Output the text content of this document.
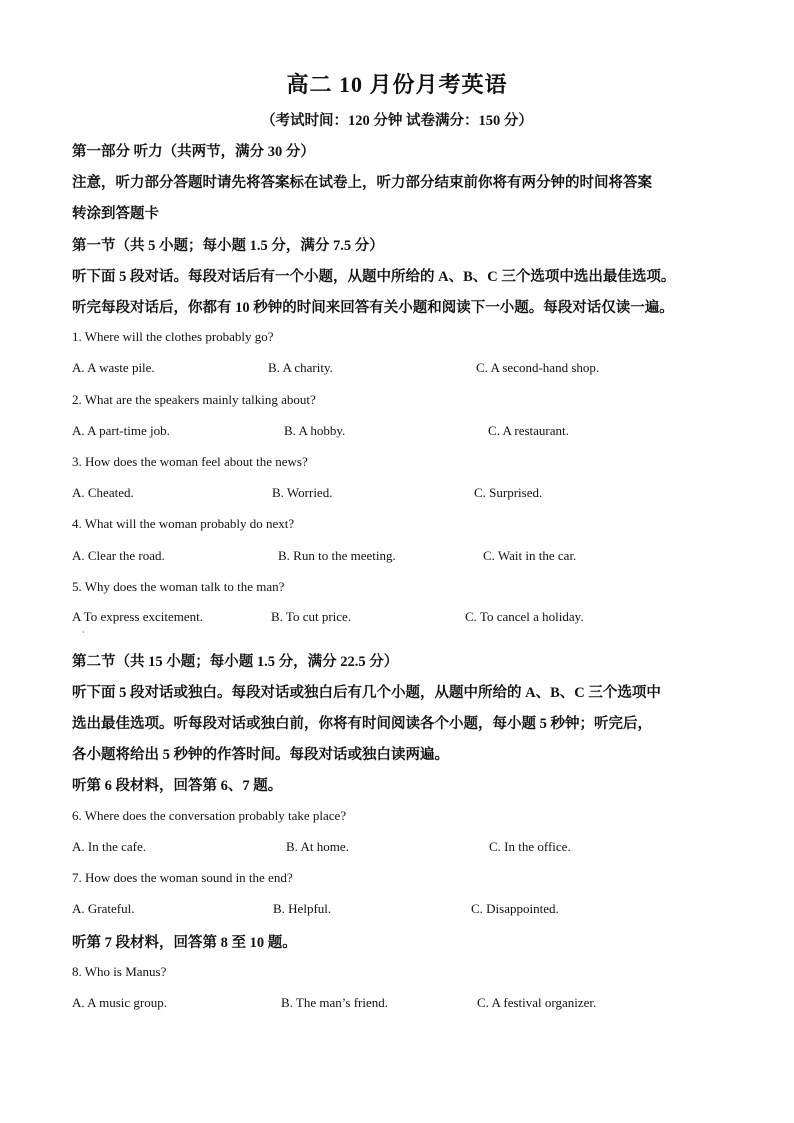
高二 10 月份月考英语
（考试时间：120 分钟 试卷满分：150 分）
第一部分 听力（共两节，满分 30 分）
注意，听力部分答题时请先将答案标在试卷上，听力部分结束前你将有两分钟的时间将答案
转涂到答题卡
第一节（共 5 小题；每小题 1.5 分，满分 7.5 分）
听下面 5 段对话。每段对话后有一个小题，从题中所给的 A、B、C 三个选项中选出最佳选项。
听完每段对话后，你都有 10 秒钟的时间来回答有关小题和阅读下一小题。每段对话仅读一遍。
1. Where will the clothes probably go?
A. A waste pile.	B. A charity.	C. A second-hand shop.
2. What are the speakers mainly talking about?
A. A part-time job.	B. A hobby.	C. A restaurant.
3. How does the woman feel about the news?
A. Cheated.	B. Worried.	C. Surprised.
4. What will the woman probably do next?
A. Clear the road.	B. Run to the meeting.	C. Wait in the car.
5. Why does the woman talk to the man?
A To express excitement.	B. To cut price.	C. To cancel a holiday.
·
第二节（共 15 小题；每小题 1.5 分，满分 22.5 分）
听下面 5 段对话或独白。每段对话或独白后有几个小题，从题中所给的 A、B、C 三个选项中
选出最佳选项。听每段对话或独白前，你将有时间阅读各个小题，每小题 5 秒钟；听完后，
各小题将给出 5 秒钟的作答时间。每段对话或独白读两遍。
听第 6 段材料，回答第 6、7 题。
6. Where does the conversation probably take place?
A. In the cafe.	B. At home.	C. In the office.
7. How does the woman sound in the end?
A. Grateful.	B. Helpful.	C. Disappointed.
听第 7 段材料，回答第 8 至 10 题。
8. Who is Manus?
A. A music group.	B. The man’s friend.	C. A festival organizer.
